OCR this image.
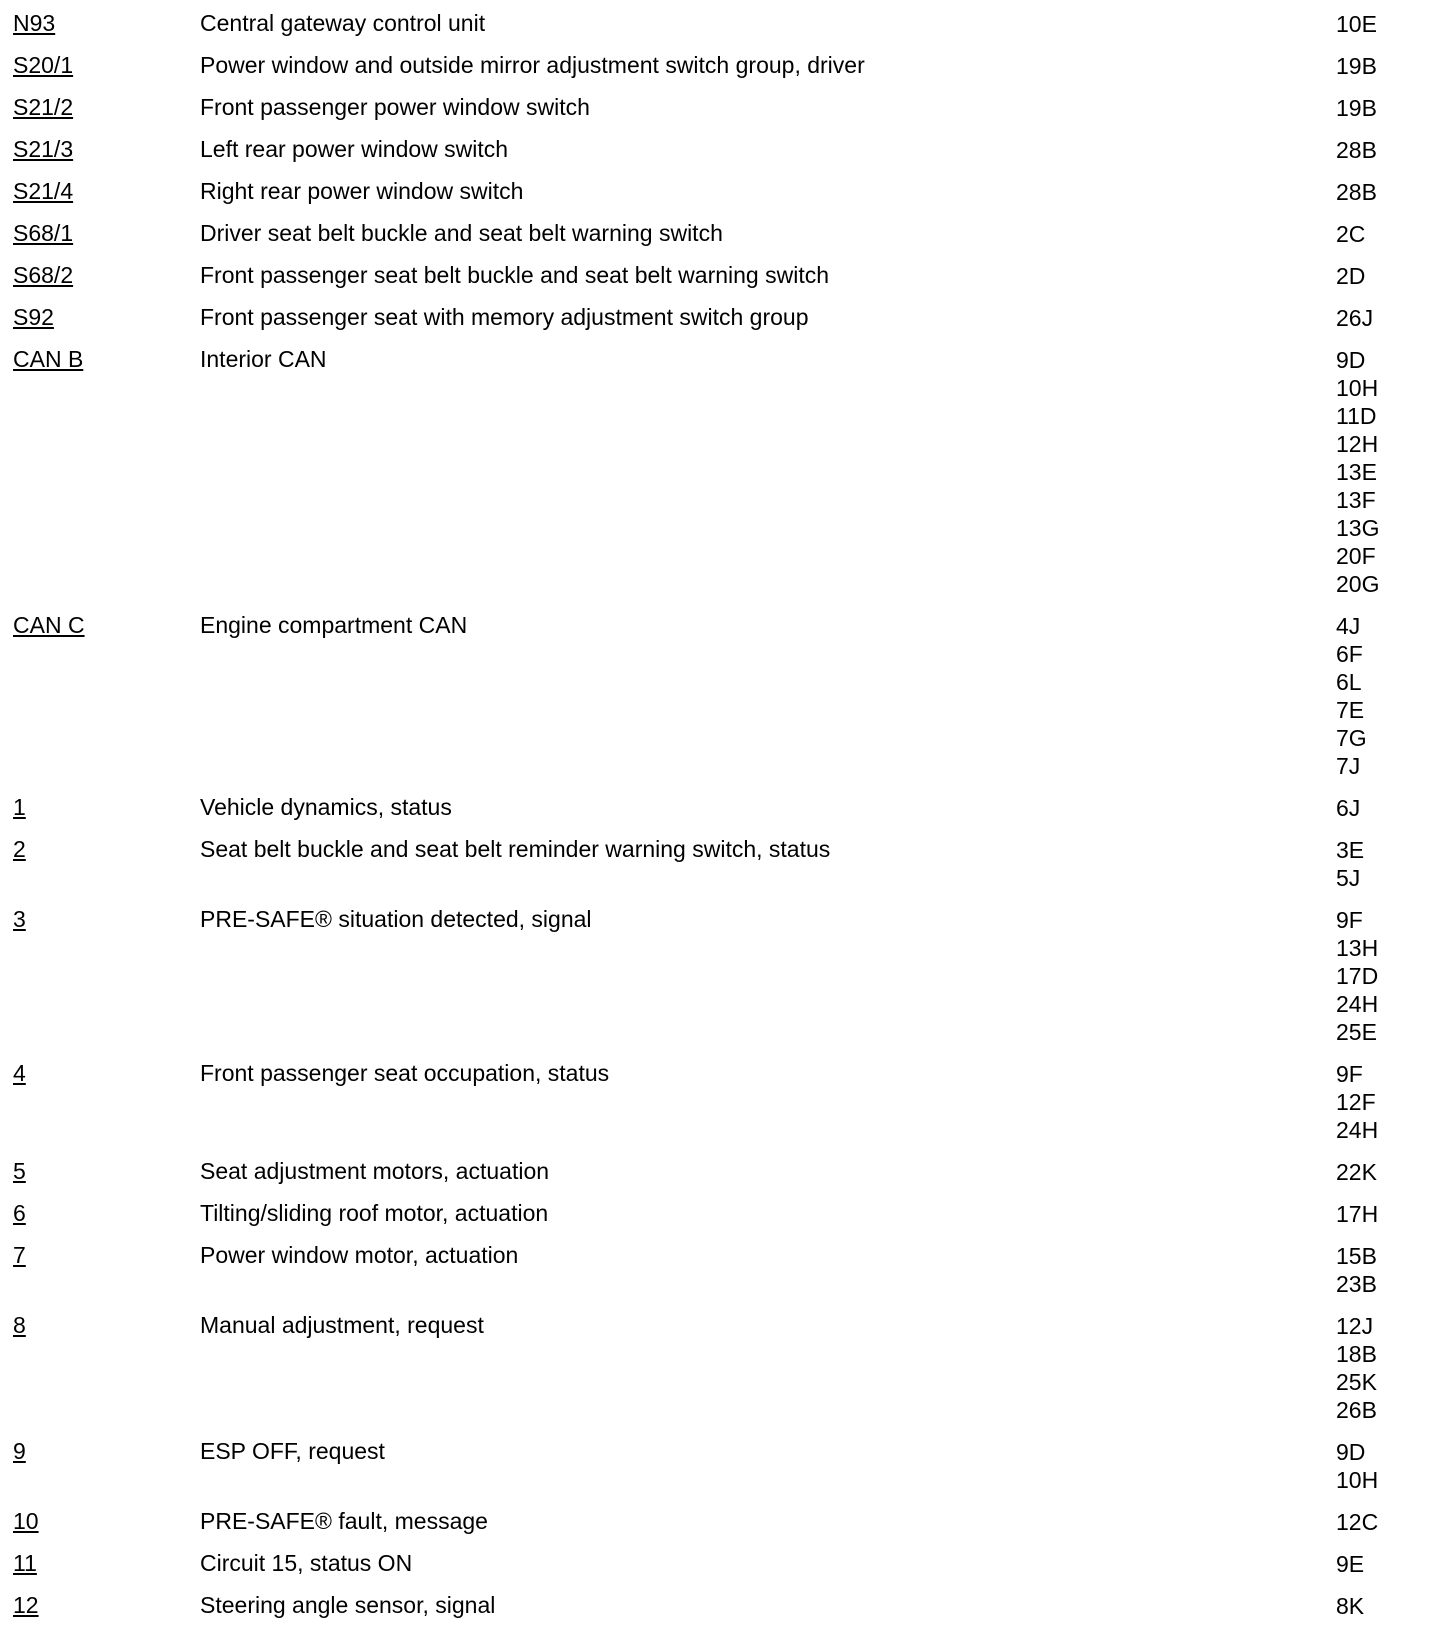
N93	Central gateway control unit	10E
S20/1	Power window and outside mirror adjustment switch group, driver	19B
S21/2	Front passenger power window switch	19B
S21/3	Left rear power window switch	28B
S21/4	Right rear power window switch	28B
S68/1	Driver seat belt buckle and seat belt warning switch	2C
S68/2	Front passenger seat belt buckle and seat belt warning switch	2D
S92	Front passenger seat with memory adjustment switch group	26J
CAN B	Interior CAN	9D
10H
11D
12H
13E
13F
13G
20F
20G
CAN C	Engine compartment CAN	4J
6F
6L
7E
7G
7J
1	Vehicle dynamics, status	6J
2	Seat belt buckle and seat belt reminder warning switch, status	3E
5J
3	PRE-SAFE® situation detected, signal	9F
13H
17D
24H
25E
4	Front passenger seat occupation, status	9F
12F
24H
5	Seat adjustment motors, actuation	22K
6	Tilting/sliding roof motor, actuation	17H
7	Power window motor, actuation	15B
23B
8	Manual adjustment, request	12J
18B
25K
26B
9	ESP OFF, request	9D
10H
10	PRE-SAFE® fault, message	12C
11	Circuit 15, status ON	9E
12	Steering angle sensor, signal	8K
